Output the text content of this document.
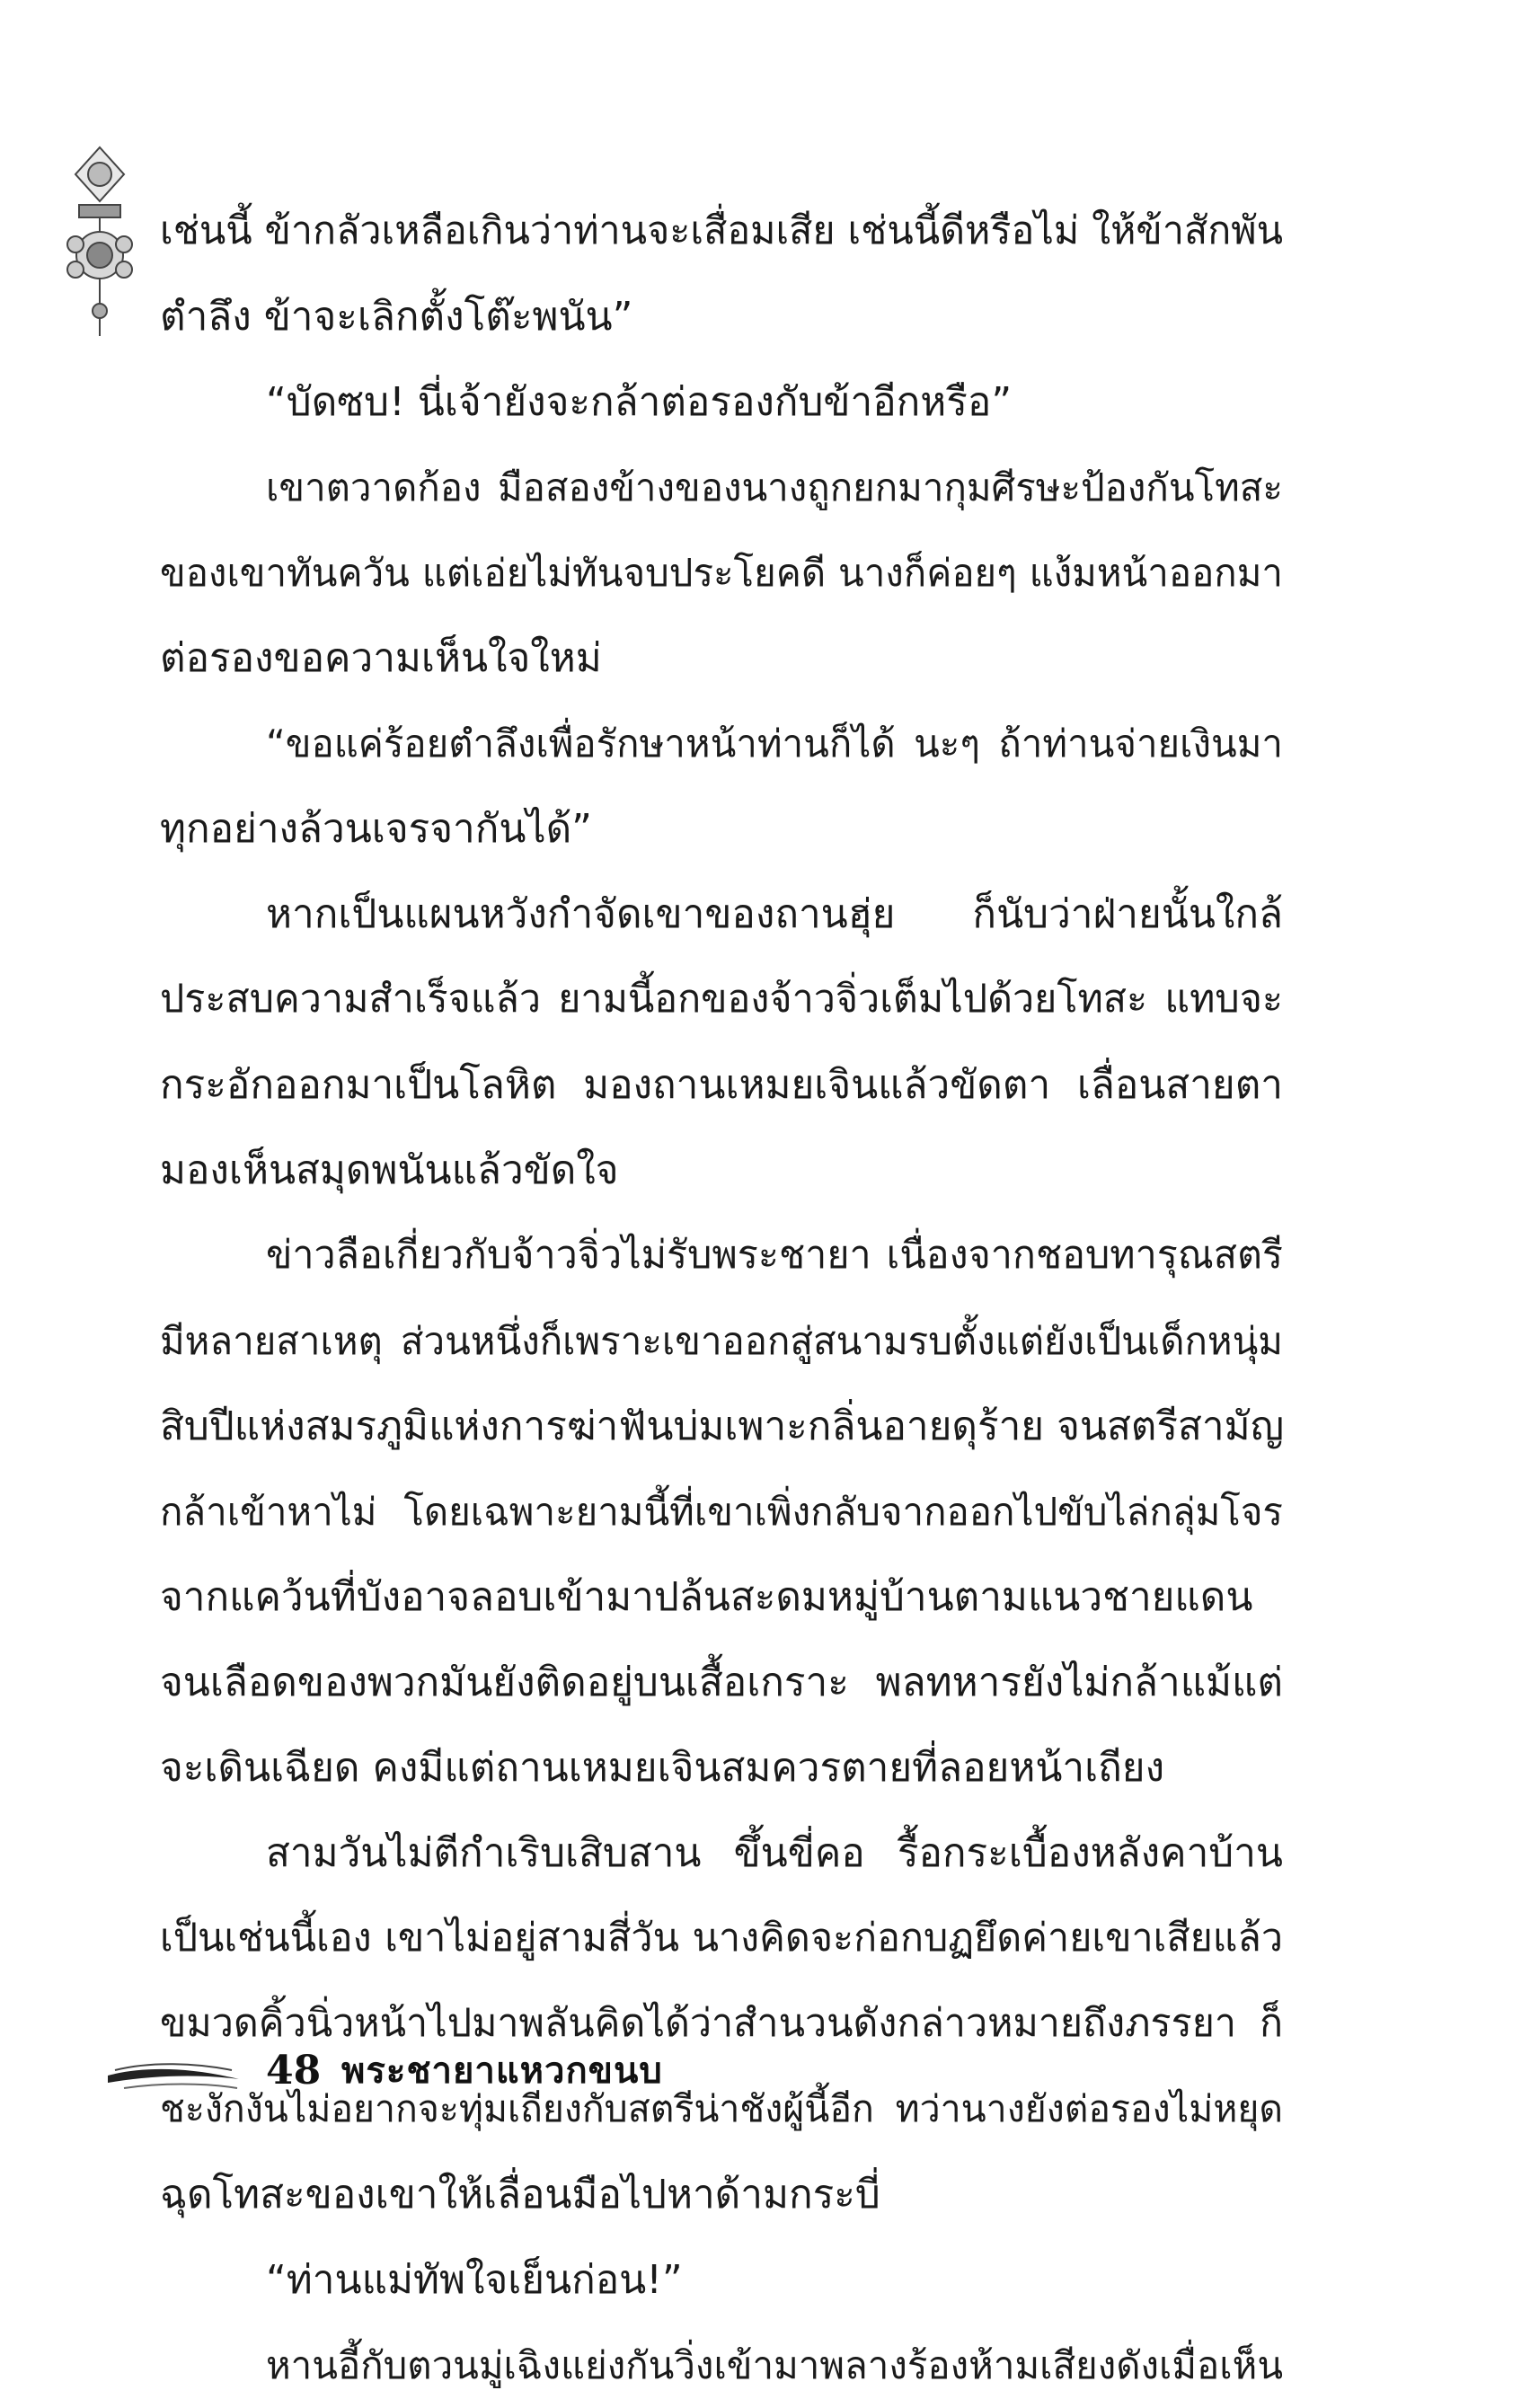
เช่นนี้ ข้ากลัวเหลือเกินว่าท่านจะเสื่อมเสีย เช่นนี้ดีหรือไม่ ให้ข้าสักพัน
ตำลึง ข้าจะเลิกตั้งโต๊ะพนัน”
“บัดซบ! นี่เจ้ายังจะกล้าต่อรองกับข้าอีกหรือ”
เขาตวาดก้อง มือสองข้างของนางถูกยกมากุมศีรษะป้องกันโทสะ
ของเขาทันควัน แต่เอ่ยไม่ทันจบประโยคดี นางก็ค่อยๆ แง้มหน้าออกมา
ต่อรองขอความเห็นใจใหม่
“ขอแค่ร้อยตำลึงเพื่อรักษาหน้าท่านก็ได้ นะๆ ถ้าท่านจ่ายเงินมา
ทุกอย่างล้วนเจรจากันได้”
หากเป็นแผนหวังกำจัดเขาของถานฮุ่ย ก็นับว่าฝ่ายนั้นใกล้
ประสบความสำเร็จแล้ว ยามนี้อกของจ้าวจิ่วเต็มไปด้วยโทสะ แทบจะ
กระอักออกมาเป็นโลหิต มองถานเหมยเจินแล้วขัดตา เลื่อนสายตา
มองเห็นสมุดพนันแล้วขัดใจ
ข่าวลือเกี่ยวกับจ้าวจิ่วไม่รับพระชายา เนื่องจากชอบทารุณสตรี
มีหลายสาเหตุ ส่วนหนึ่งก็เพราะเขาออกสู่สนามรบตั้งแต่ยังเป็นเด็กหนุ่ม
สิบปีแห่งสมรภูมิแห่งการฆ่าฟันบ่มเพาะกลิ่นอายดุร้าย จนสตรีสามัญ
กล้าเข้าหาไม่ โดยเฉพาะยามนี้ที่เขาเพิ่งกลับจากออกไปขับไล่กลุ่มโจร
จากแคว้นที่บังอาจลอบเข้ามาปล้นสะดมหมู่บ้านตามแนวชายแดน
จนเลือดของพวกมันยังติดอยู่บนเสื้อเกราะ พลทหารยังไม่กล้าแม้แต่
จะเดินเฉียด คงมีแต่ถานเหมยเจินสมควรตายที่ลอยหน้าเถียง
สามวันไม่ตีกำเริบเสิบสาน ขึ้นขี่คอ รื้อกระเบื้องหลังคาบ้าน
เป็นเช่นนี้เอง เขาไม่อยู่สามสี่วัน นางคิดจะก่อกบฏยึดค่ายเขาเสียแล้ว
ขมวดคิ้วนิ่วหน้าไปมาพลันคิดได้ว่าสำนวนดังกล่าวหมายถึงภรรยา ก็
ชะงักงันไม่อยากจะทุ่มเถียงกับสตรีน่าชังผู้นี้อีก ทว่านางยังต่อรองไม่หยุด
ฉุดโทสะของเขาให้เลื่อนมือไปหาด้ามกระบี่
“ท่านแม่ทัพใจเย็นก่อน!”
หานอี้กับตวนมู่เฉิงแย่งกันวิ่งเข้ามาพลางร้องห้ามเสียงดังเมื่อเห็น
48 พระชายาแหวกขนบ
